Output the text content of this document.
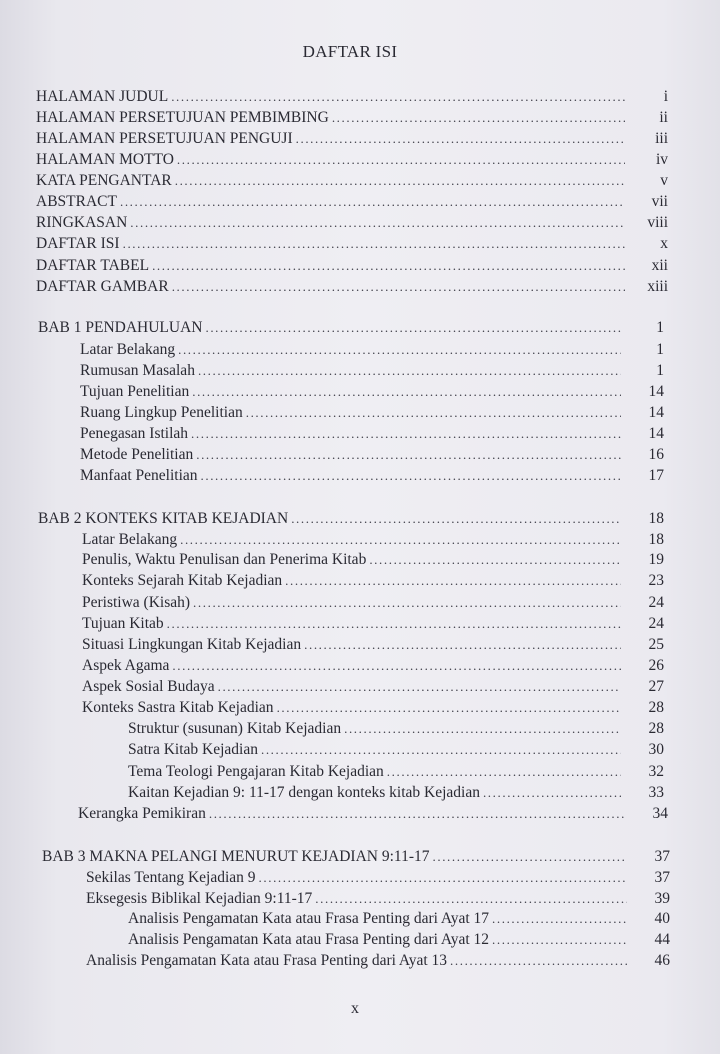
DAFTAR ISI
HALAMAN JUDUL .....	i
HALAMAN PERSETUJUAN PEMBIMBING .....	ii
HALAMAN PERSETUJUAN PENGUJI .....	iii
HALAMAN MOTTO .....	iv
KATA PENGANTAR .....	v
ABSTRACT .....	vii
RINGKASAN .....	viii
DAFTAR ISI .....	x
DAFTAR TABEL .....	xii
DAFTAR GAMBAR .....	xiii
BAB 1 PENDAHULUAN .....	1
Latar Belakang .....	1
Rumusan Masalah .....	1
Tujuan Penelitian .....	14
Ruang Lingkup Penelitian .....	14
Penegasan Istilah .....	14
Metode Penelitian .....	16
Manfaat Penelitian .....	17
BAB 2 KONTEKS KITAB KEJADIAN .....	18
Latar Belakang .....	18
Penulis, Waktu Penulisan dan Penerima Kitab .....	19
Konteks Sejarah Kitab Kejadian .....	23
Peristiwa (Kisah) .....	24
Tujuan Kitab .....	24
Situasi Lingkungan Kitab Kejadian .....	25
Aspek Agama .....	26
Aspek Sosial Budaya .....	27
Konteks Sastra Kitab Kejadian .....	28
Struktur (susunan) Kitab Kejadian .....	28
Satra Kitab Kejadian .....	30
Tema Teologi Pengajaran Kitab Kejadian .....	32
Kaitan Kejadian 9: 11-17 dengan konteks kitab Kejadian .....	33
Kerangka Pemikiran .....	34
BAB 3 MAKNA PELANGI MENURUT KEJADIAN 9:11-17 .....	37
Sekilas Tentang Kejadian 9 .....	37
Eksegesis Biblikal Kejadian 9:11-17 .....	39
Analisis Pengamatan Kata atau Frasa Penting dari Ayat 17 .....	40
Analisis Pengamatan Kata atau Frasa Penting dari Ayat 12 .....	44
Analisis Pengamatan Kata atau Frasa Penting dari Ayat 13 .....	46
x
